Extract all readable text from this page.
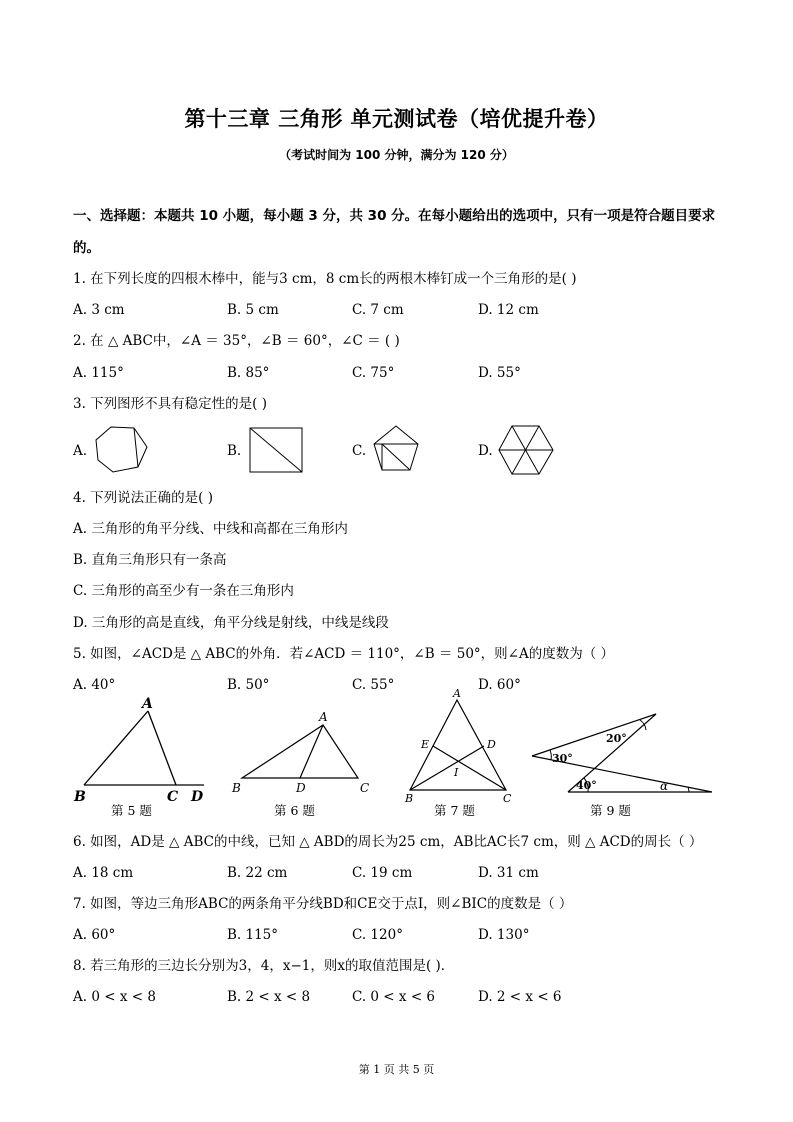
第十三章 三角形 单元测试卷（培优提升卷）
（考试时间为 100 分钟，满分为 120 分）
一、选择题：本题共 10 小题，每小题 3 分，共 30 分。在每小题给出的选项中，只有一项是符合题目要求
的。
1. 在下列长度的四根木棒中，能与3 cm，8 cm长的两根木棒钉成一个三角形的是( )
A. 3 cm	B. 5 cm	C. 7 cm	D. 12 cm
2. 在 △ ABC中，∠A ＝ 35°，∠B ＝ 60°，∠C ＝ ( )
A. 115°	B. 85°	C. 75°	D. 55°
3. 下列图形不具有稳定性的是( )
A.	B.	C.	D.
4. 下列说法正确的是( )
A. 三角形的角平分线、中线和高都在三角形内
B. 直角三角形只有一条高
C. 三角形的高至少有一条在三角形内
D. 三角形的高是直线，角平分线是射线，中线是线段
5. 如图，∠ACD是 △ ABC的外角．若∠ACD ＝ 110°，∠B ＝ 50°，则∠A的度数为（ ）
A. 40°	B. 50°	C. 55°	D. 60°
A
B	C D
第 5 题
A
B	D	C
第 6 题
A
E	D
I
B	C
第 7 题
20°
30°
40°	α
第 9 题
6. 如图，AD是 △ ABC的中线，已知 △ ABD的周长为25 cm，AB比AC长7 cm，则 △ ACD的周长（ ）
A. 18 cm	B. 22 cm	C. 19 cm	D. 31 cm
7. 如图，等边三角形ABC的两条角平分线BD和CE交于点I，则∠BIC的度数是（ ）
A. 60°	B. 115°	C. 120°	D. 130°
8. 若三角形的三边长分别为3，4，x−1，则x的取值范围是( )．
A. 0 < x < 8	B. 2 < x < 8	C. 0 < x < 6	D. 2 < x < 6
第 1 页 共 5 页
